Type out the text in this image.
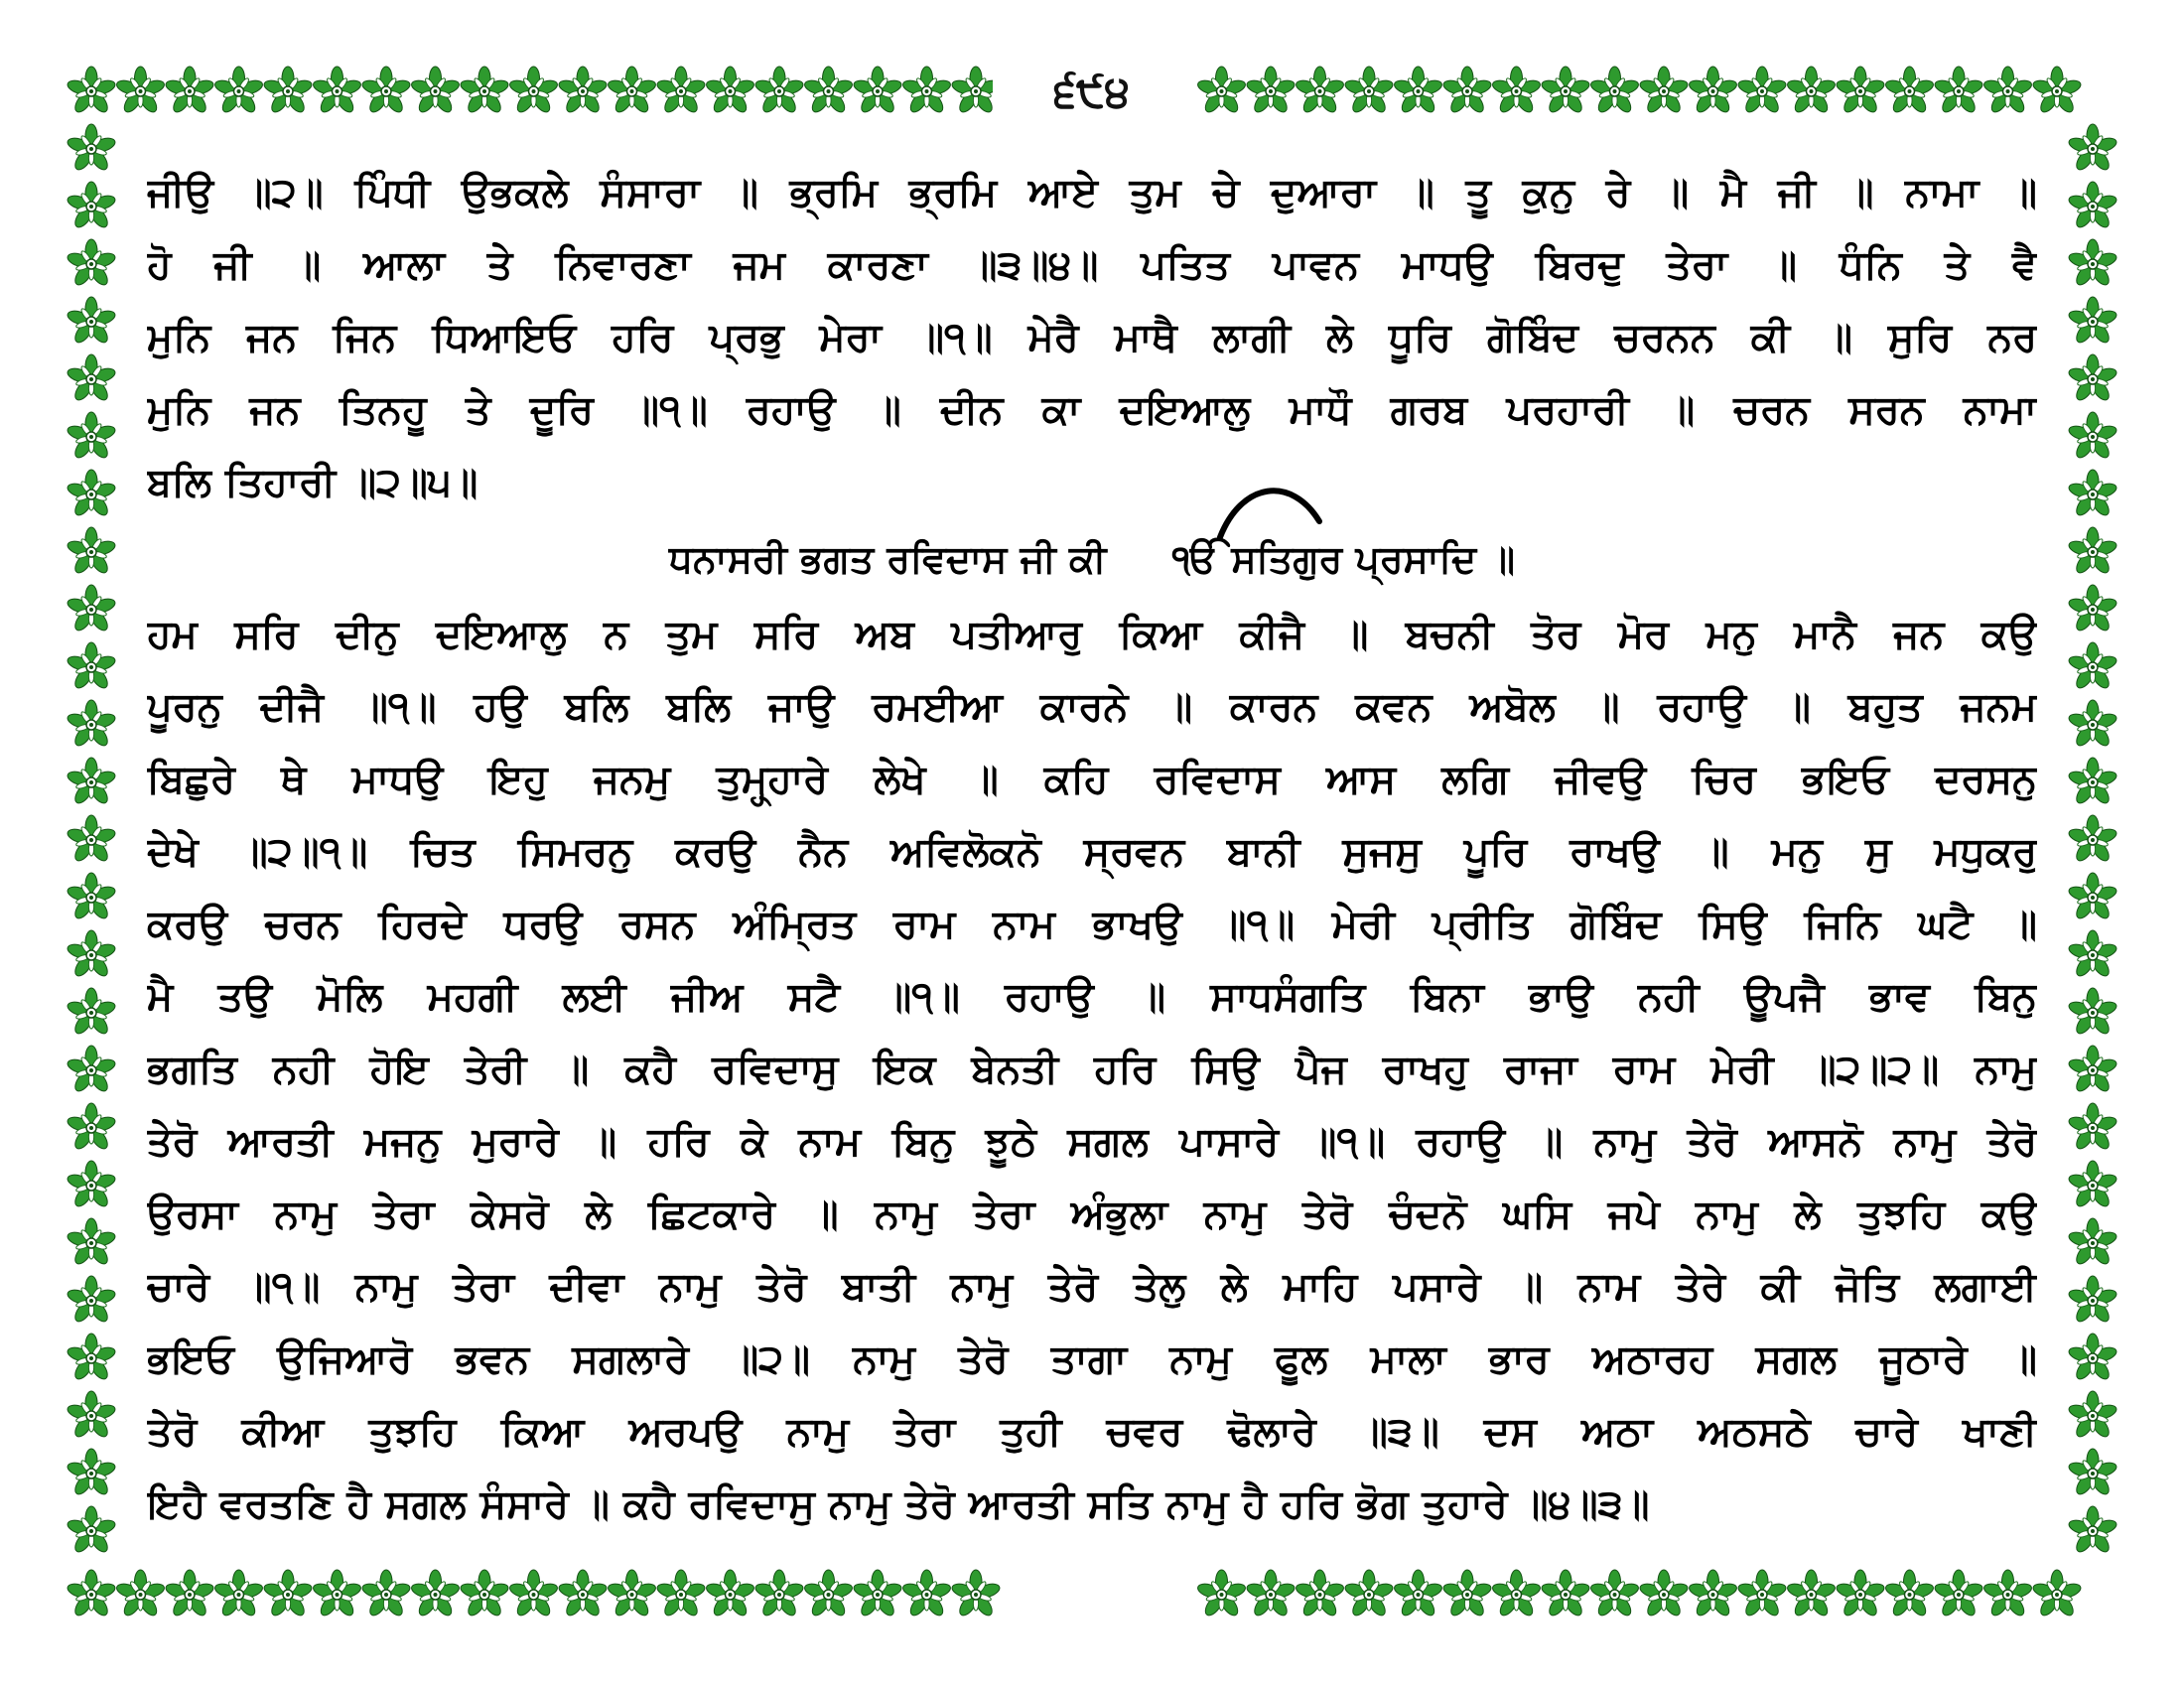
੬੯੪
ਜੀਉ ॥੨॥ ਪਿੰਧੀ ਉਭਕਲੇ ਸੰਸਾਰਾ ॥ ਭ੍ਰਮਿ ਭ੍ਰਮਿ ਆਏ ਤੁਮ ਚੇ ਦੁਆਰਾ ॥ ਤੂ ਕੁਨੁ ਰੇ ॥ ਮੈ ਜੀ ॥ ਨਾਮਾ ॥
ਹੋ ਜੀ ॥ ਆਲਾ ਤੇ ਨਿਵਾਰਣਾ ਜਮ ਕਾਰਣਾ ॥੩॥੪॥ ਪਤਿਤ ਪਾਵਨ ਮਾਧਉ ਬਿਰਦੁ ਤੇਰਾ ॥ ਧੰਨਿ ਤੇ ਵੈ
ਮੁਨਿ ਜਨ ਜਿਨ ਧਿਆਇਓ ਹਰਿ ਪ੍ਰਭੁ ਮੇਰਾ ॥੧॥ ਮੇਰੈ ਮਾਥੈ ਲਾਗੀ ਲੇ ਧੂਰਿ ਗੋਬਿੰਦ ਚਰਨਨ ਕੀ ॥ ਸੁਰਿ ਨਰ
ਮੁਨਿ ਜਨ ਤਿਨਹੂ ਤੇ ਦੂਰਿ ॥੧॥ ਰਹਾਉ ॥ ਦੀਨ ਕਾ ਦਇਆਲੁ ਮਾਧੌ ਗਰਬ ਪਰਹਾਰੀ ॥ ਚਰਨ ਸਰਨ ਨਾਮਾ
ਬਲਿ ਤਿਹਾਰੀ ॥੨॥੫॥
ਧਨਾਸਰੀ ਭਗਤ ਰਵਿਦਾਸ ਜੀ ਕੀ ੴ ਸਤਿਗੁਰ ਪ੍ਰਸਾਦਿ ॥
ਹਮ ਸਰਿ ਦੀਨੁ ਦਇਆਲੁ ਨ ਤੁਮ ਸਰਿ ਅਬ ਪਤੀਆਰੁ ਕਿਆ ਕੀਜੈ ॥ ਬਚਨੀ ਤੋਰ ਮੋਰ ਮਨੁ ਮਾਨੈ ਜਨ ਕਉ
ਪੂਰਨੁ ਦੀਜੈ ॥੧॥ ਹਉ ਬਲਿ ਬਲਿ ਜਾਉ ਰਮਈਆ ਕਾਰਨੇ ॥ ਕਾਰਨ ਕਵਨ ਅਬੋਲ ॥ ਰਹਾਉ ॥ ਬਹੁਤ ਜਨਮ
ਬਿਛੁਰੇ ਥੇ ਮਾਧਉ ਇਹੁ ਜਨਮੁ ਤੁਮ੍ਹ੍ਹਾਰੇ ਲੇਖੇ ॥ ਕਹਿ ਰਵਿਦਾਸ ਆਸ ਲਗਿ ਜੀਵਉ ਚਿਰ ਭਇਓ ਦਰਸਨੁ
ਦੇਖੇ ॥੨॥੧॥ ਚਿਤ ਸਿਮਰਨੁ ਕਰਉ ਨੈਨ ਅਵਿਲੋਕਨੋ ਸ੍ਰਵਨ ਬਾਨੀ ਸੁਜਸੁ ਪੂਰਿ ਰਾਖਉ ॥ ਮਨੁ ਸੁ ਮਧੁਕਰੁ
ਕਰਉ ਚਰਨ ਹਿਰਦੇ ਧਰਉ ਰਸਨ ਅੰਮ੍ਰਿਤ ਰਾਮ ਨਾਮ ਭਾਖਉ ॥੧॥ ਮੇਰੀ ਪ੍ਰੀਤਿ ਗੋਬਿੰਦ ਸਿਉ ਜਿਨਿ ਘਟੈ ॥
ਮੈ ਤਉ ਮੋਲਿ ਮਹਗੀ ਲਈ ਜੀਅ ਸਟੈ ॥੧॥ ਰਹਾਉ ॥ ਸਾਧਸੰਗਤਿ ਬਿਨਾ ਭਾਉ ਨਹੀ ਊਪਜੈ ਭਾਵ ਬਿਨੁ
ਭਗਤਿ ਨਹੀ ਹੋਇ ਤੇਰੀ ॥ ਕਹੈ ਰਵਿਦਾਸੁ ਇਕ ਬੇਨਤੀ ਹਰਿ ਸਿਉ ਪੈਜ ਰਾਖਹੁ ਰਾਜਾ ਰਾਮ ਮੇਰੀ ॥੨॥੨॥ ਨਾਮੁ
ਤੇਰੋ ਆਰਤੀ ਮਜਨੁ ਮੁਰਾਰੇ ॥ ਹਰਿ ਕੇ ਨਾਮ ਬਿਨੁ ਝੂਠੇ ਸਗਲ ਪਾਸਾਰੇ ॥੧॥ ਰਹਾਉ ॥ ਨਾਮੁ ਤੇਰੋ ਆਸਨੋ ਨਾਮੁ ਤੇਰੋ
ਉਰਸਾ ਨਾਮੁ ਤੇਰਾ ਕੇਸਰੋ ਲੇ ਛਿਟਕਾਰੇ ॥ ਨਾਮੁ ਤੇਰਾ ਅੰਭੁਲਾ ਨਾਮੁ ਤੇਰੋ ਚੰਦਨੋ ਘਸਿ ਜਪੇ ਨਾਮੁ ਲੇ ਤੁਝਹਿ ਕਉ
ਚਾਰੇ ॥੧॥ ਨਾਮੁ ਤੇਰਾ ਦੀਵਾ ਨਾਮੁ ਤੇਰੋ ਬਾਤੀ ਨਾਮੁ ਤੇਰੋ ਤੇਲੁ ਲੇ ਮਾਹਿ ਪਸਾਰੇ ॥ ਨਾਮ ਤੇਰੇ ਕੀ ਜੋਤਿ ਲਗਾਈ
ਭਇਓ ਉਜਿਆਰੋ ਭਵਨ ਸਗਲਾਰੇ ॥੨॥ ਨਾਮੁ ਤੇਰੋ ਤਾਗਾ ਨਾਮੁ ਫੂਲ ਮਾਲਾ ਭਾਰ ਅਠਾਰਹ ਸਗਲ ਜੂਠਾਰੇ ॥
ਤੇਰੋ ਕੀਆ ਤੁਝਹਿ ਕਿਆ ਅਰਪਉ ਨਾਮੁ ਤੇਰਾ ਤੁਹੀ ਚਵਰ ਢੋਲਾਰੇ ॥੩॥ ਦਸ ਅਠਾ ਅਠਸਠੇ ਚਾਰੇ ਖਾਣੀ
ਇਹੈ ਵਰਤਣਿ ਹੈ ਸਗਲ ਸੰਸਾਰੇ ॥ ਕਹੈ ਰਵਿਦਾਸੁ ਨਾਮੁ ਤੇਰੋ ਆਰਤੀ ਸਤਿ ਨਾਮੁ ਹੈ ਹਰਿ ਭੋਗ ਤੁਹਾਰੇ ॥੪॥੩॥
